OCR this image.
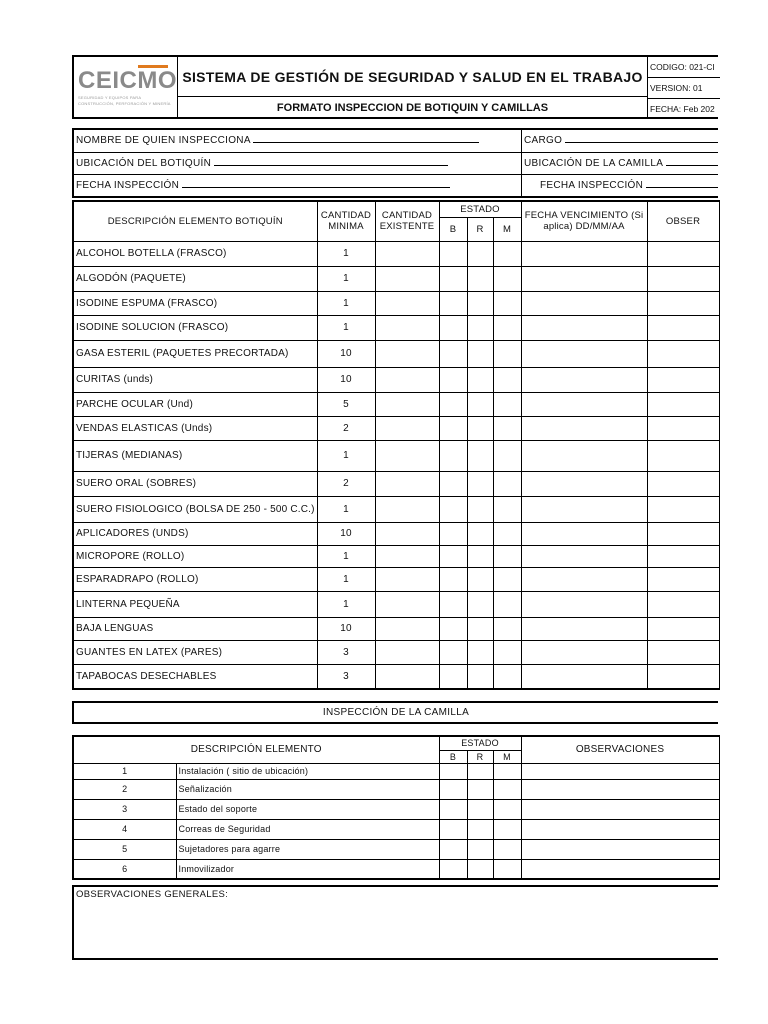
CEICMO
SEGURIDAD Y EQUIPOS PARA
CONSTRUCCIÓN, PERFORACIÓN Y MINERÍA
SISTEMA DE GESTIÓN DE SEGURIDAD Y SALUD EN EL TRABAJO
FORMATO INSPECCION DE BOTIQUIN Y CAMILLAS
CODIGO: 021-CI
VERSION: 01
FECHA: Feb 202
NOMBRE DE QUIEN INSPECCIONA	CARGO
UBICACIÓN DEL BOTIQUÍN	UBICACIÓN DE LA CAMILLA
FECHA INSPECCIÓN	FECHA INSPECCIÓN
DESCRIPCIÓN ELEMENTO BOTIQUÍN	CANTIDAD MINIMA	CANTIDAD EXISTENTE	ESTADO			FECHA VENCIMIENTO (Si aplica) DD/MM/AA	OBSER
			B	R	M		
ALCOHOL BOTELLA (FRASCO)	1						
ALGODÓN (PAQUETE)	1						
ISODINE ESPUMA (FRASCO)	1						
ISODINE SOLUCION (FRASCO)	1						
GASA ESTERIL (PAQUETES PRECORTADA)	10						
CURITAS (unds)	10						
PARCHE OCULAR (Und)	5						
VENDAS ELASTICAS (Unds)	2						
TIJERAS (MEDIANAS)	1						
SUERO ORAL (SOBRES)	2						
SUERO FISIOLOGICO (BOLSA DE 250 - 500 C.C.)	1						
APLICADORES (UNDS)	10						
MICROPORE (ROLLO)	1						
ESPARADRAPO (ROLLO)	1						
LINTERNA PEQUEÑA	1						
BAJA LENGUAS	10						
GUANTES EN LATEX (PARES)	3						
TAPABOCAS DESECHABLES	3						
INSPECCIÓN DE LA CAMILLA
DESCRIPCIÓN ELEMENTO		ESTADO			OBSERVACIONES
		B	R	M	
1	Instalación ( sitio de ubicación)				
2	Señalización				
3	Estado del soporte				
4	Correas de Seguridad				
5	Sujetadores para agarre				
6	Inmovilizador				
OBSERVACIONES GENERALES:
